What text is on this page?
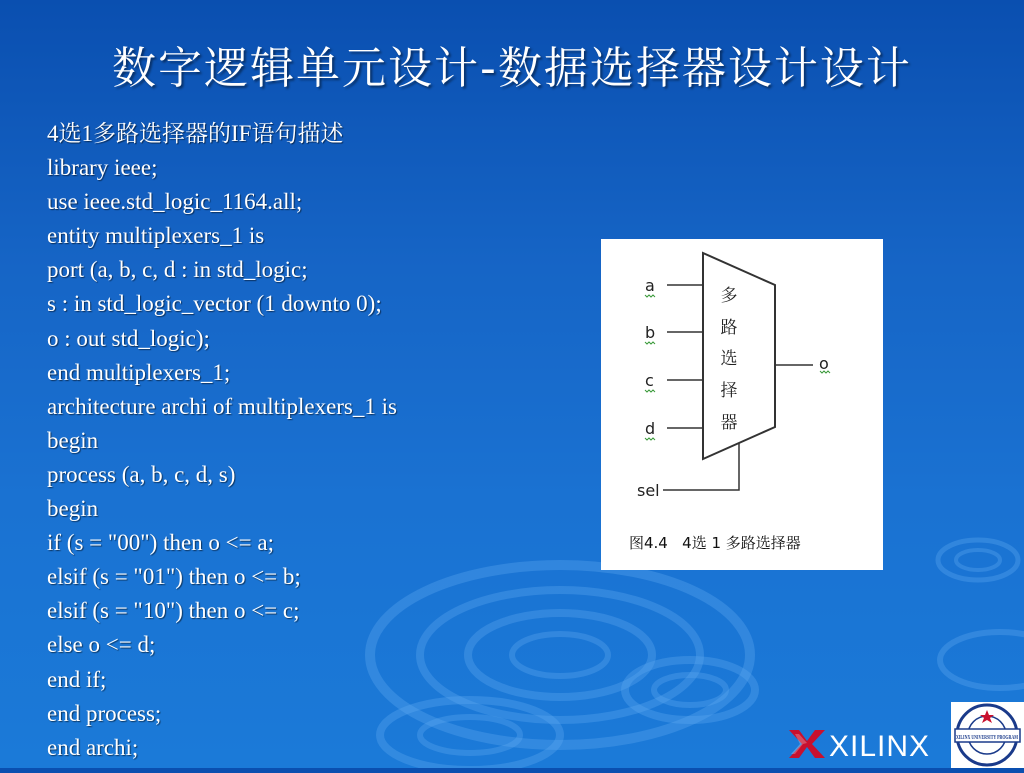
数字逻辑单元设计-数据选择器设计设计
4选1多路选择器的IF语句描述
library ieee;
use ieee.std_logic_1164.all;
entity multiplexers_1 is
port (a, b, c, d : in std_logic;
s : in std_logic_vector (1 downto 0);
o : out std_logic);
end multiplexers_1;
architecture archi of multiplexers_1 is
begin
process (a, b, c, d, s)
begin
if (s = "00") then o <= a;
elsif (s = "01") then o <= b;
elsif (s = "10") then o <= c;
else o <= d;
end if;
end process;
end archi;
a
b
c
d
多
路
选
择
器
o
sel
图4.4   4选 1 多路选择器
XILINX	XILINX UNIVERSITY PROGRAM
